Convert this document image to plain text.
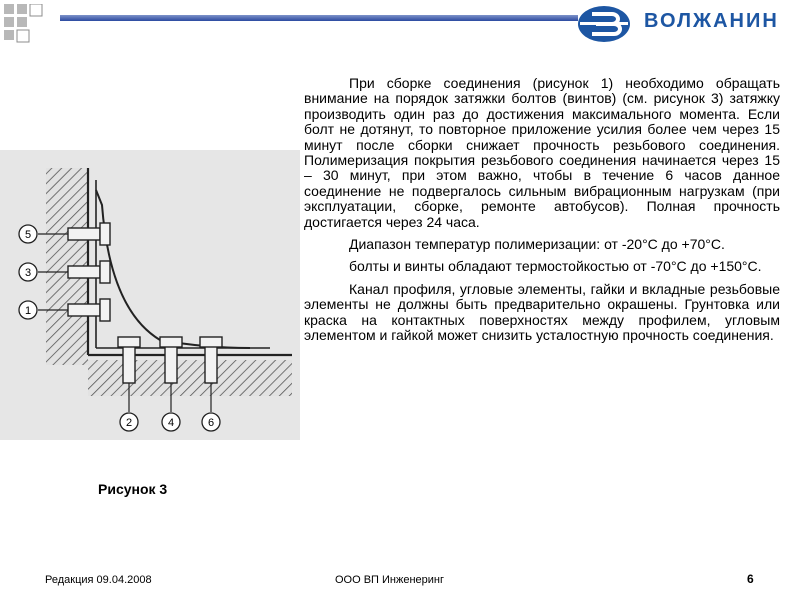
ВОЛЖАНИН
5
3
1
2	4	6
Рисунок 3

При сборке соединения (рисунок 1) необходимо обращать внимание на порядок затяжки болтов (винтов) (см. рисунок 3) затяжку производить один раз до достижения максимального момента. Если болт не дотянут, то повторное приложение усилия более чем через 15 минут после сборки снижает прочность резьбового соединения. Полимеризация покрытия резьбового соединения начинается через 15 – 30 минут, при этом важно, чтобы в течение 6 часов данное соединение не подвергалось сильным вибрационным нагрузкам (при эксплуатации, сборке, ремонте автобусов). Полная прочность достигается через 24 часа.

Диапазон температур полимеризации: от -20°С до +70°С.

болты и винты обладают термостойкостью от -70°С до +150°С.

Канал профиля, угловые элементы, гайки и вкладные резьбовые элементы не должны быть предварительно окрашены. Грунтовка или краска на контактных поверхностях между профилем, угловым элементом и гайкой может снизить усталостную прочность соединения.

Редакция 09.04.2008	ООО ВП Инженеринг	6
